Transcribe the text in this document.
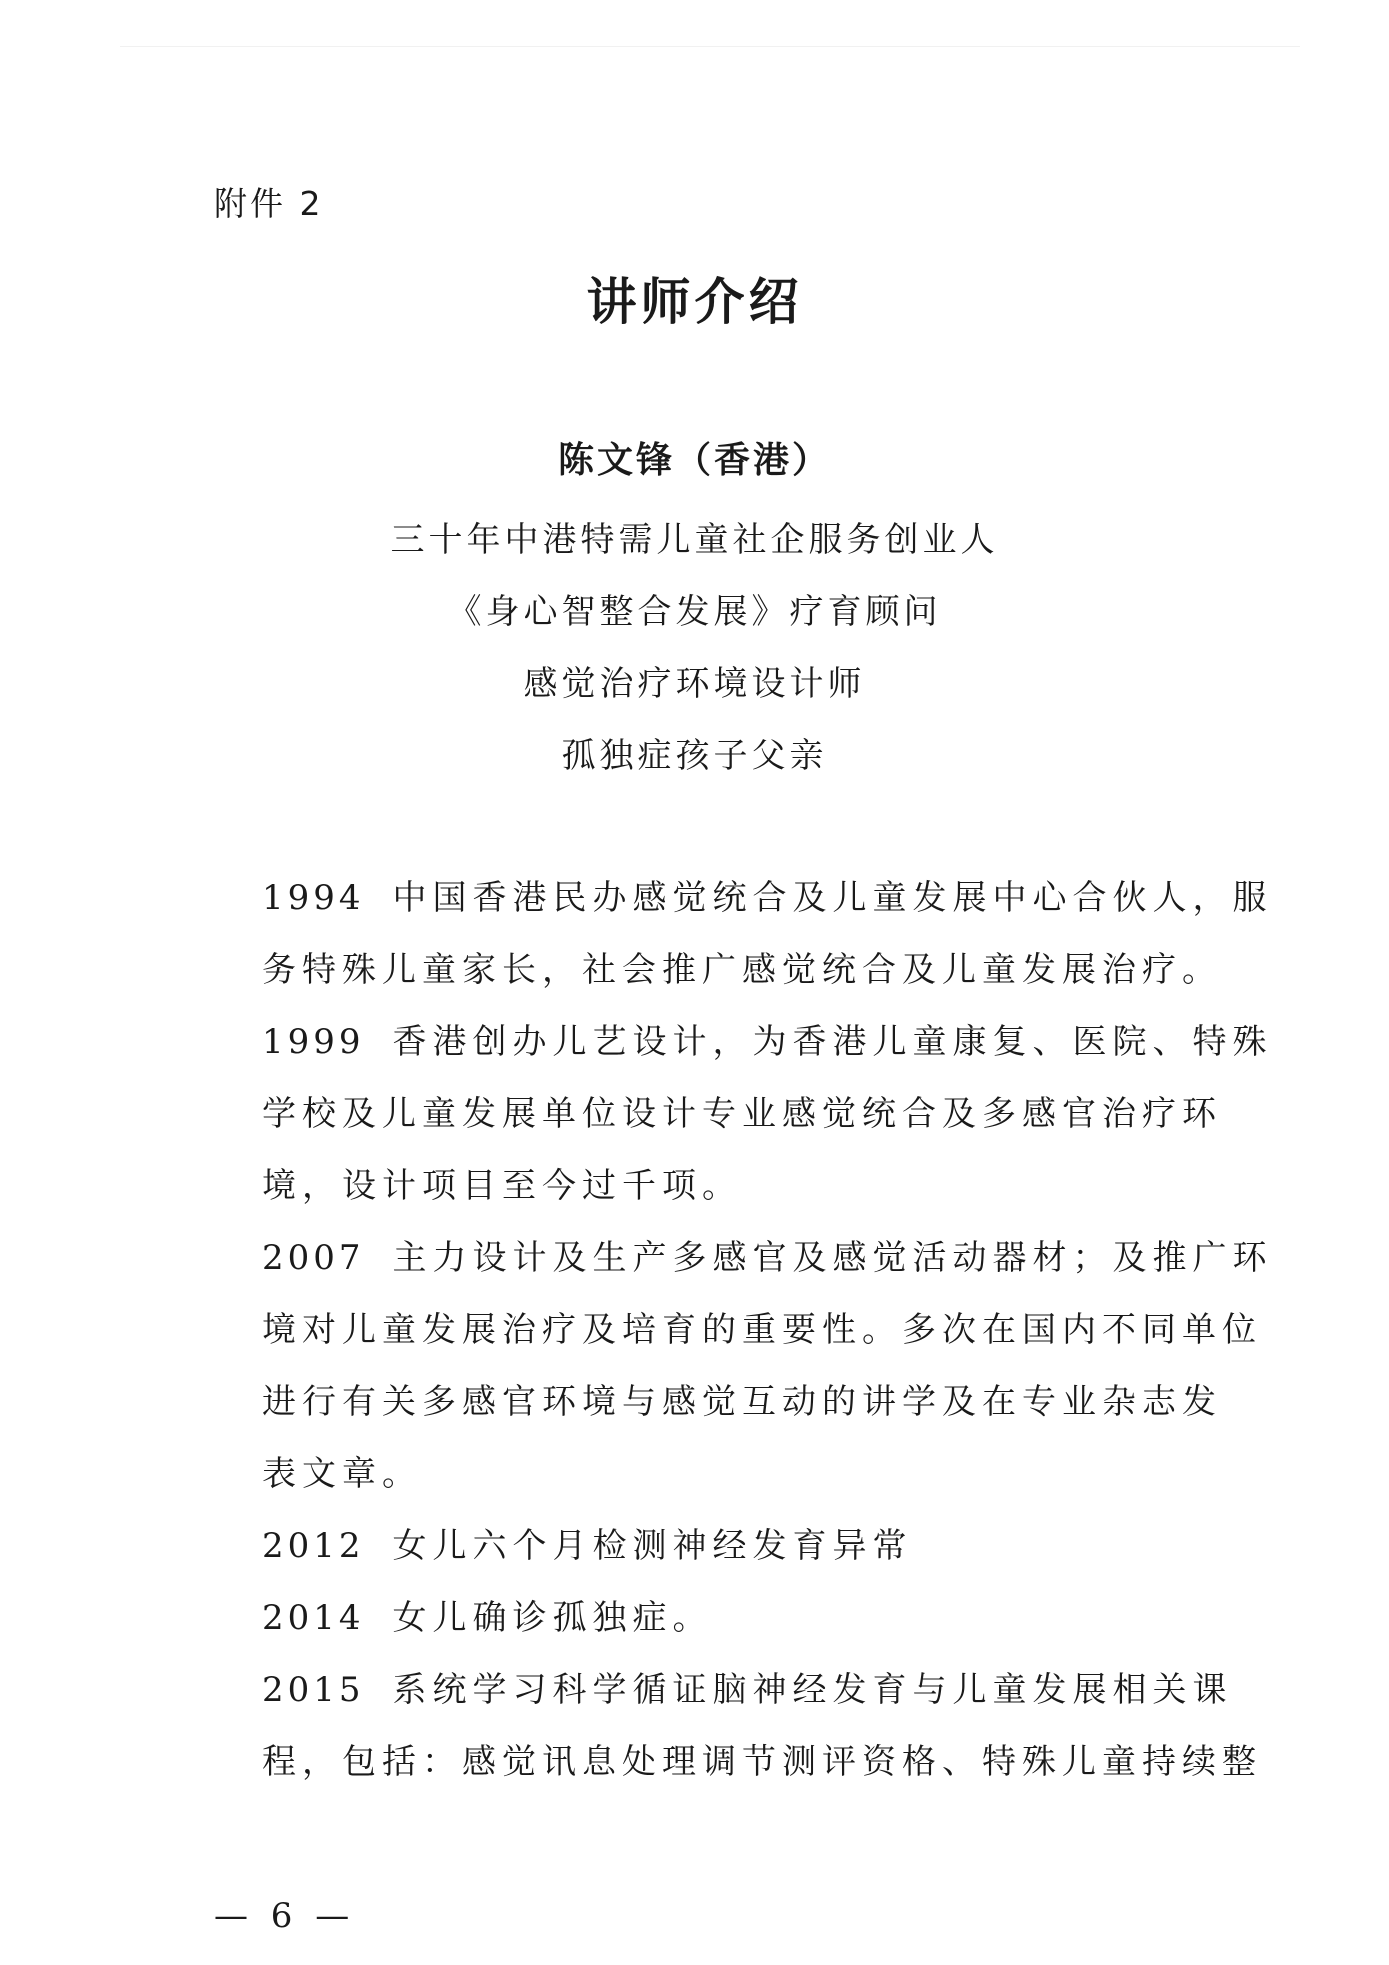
附件 2
讲师介绍
陈文锋（香港）
三十年中港特需儿童社企服务创业人
《身心智整合发展》疗育顾问
感觉治疗环境设计师
孤独症孩子父亲
1994 中国香港民办感觉统合及儿童发展中心合伙人，服
务特殊儿童家长，社会推广感觉统合及儿童发展治疗。
1999 香港创办儿艺设计，为香港儿童康复、医院、特殊
学校及儿童发展单位设计专业感觉统合及多感官治疗环
境，设计项目至今过千项。
2007 主力设计及生产多感官及感觉活动器材；及推广环
境对儿童发展治疗及培育的重要性。多次在国内不同单位
进行有关多感官环境与感觉互动的讲学及在专业杂志发
表文章。
2012 女儿六个月检测神经发育异常
2014 女儿确诊孤独症。
2015 系统学习科学循证脑神经发育与儿童发展相关课
程，包括：感觉讯息处理调节测评资格、特殊儿童持续整
— 6 —
